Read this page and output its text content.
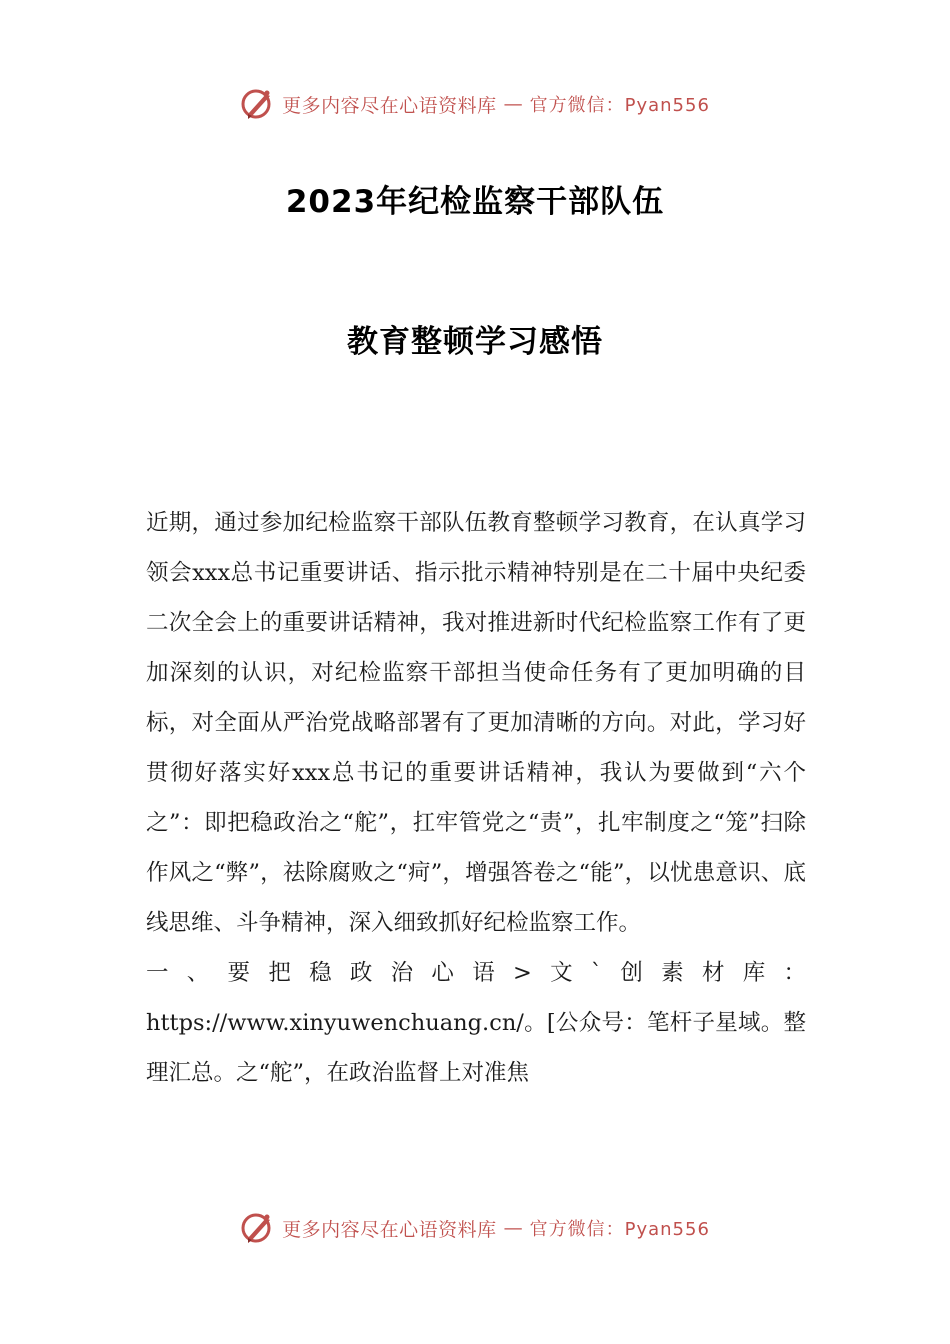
更多内容尽在心语资料库 — 官方微信：Pyan556
2023年纪检监察干部队伍
教育整顿学习感悟

近期，通过参加纪检监察干部队伍教育整顿学习教育，在认真学习领会xxx总书记重要讲话、指示批示精神特别是在二十届中央纪委二次全会上的重要讲话精神，我对推进新时代纪检监察工作有了更加深刻的认识，对纪检监察干部担当使命任务有了更加明确的目标，对全面从严治党战略部署有了更加清晰的方向。对此，学习好贯彻好落实好xxx总书记的重要讲话精神，我认为要做到“六个之”：即把稳政治之“舵”，扛牢管党之“责”，扎牢制度之“笼”扫除作风之“弊”，祛除腐败之“疴”，增强答卷之“能”，以忧患意识、底线思维、斗争精神，深入细致抓好纪检监察工作。

一、要把稳政治心语>文`创素材库：https://www.xinyuwenchuang.cn/。[公众号：笔杆子星域。整理汇总。之“舵”，在政治监督上对准焦

更多内容尽在心语资料库 — 官方微信：Pyan556
